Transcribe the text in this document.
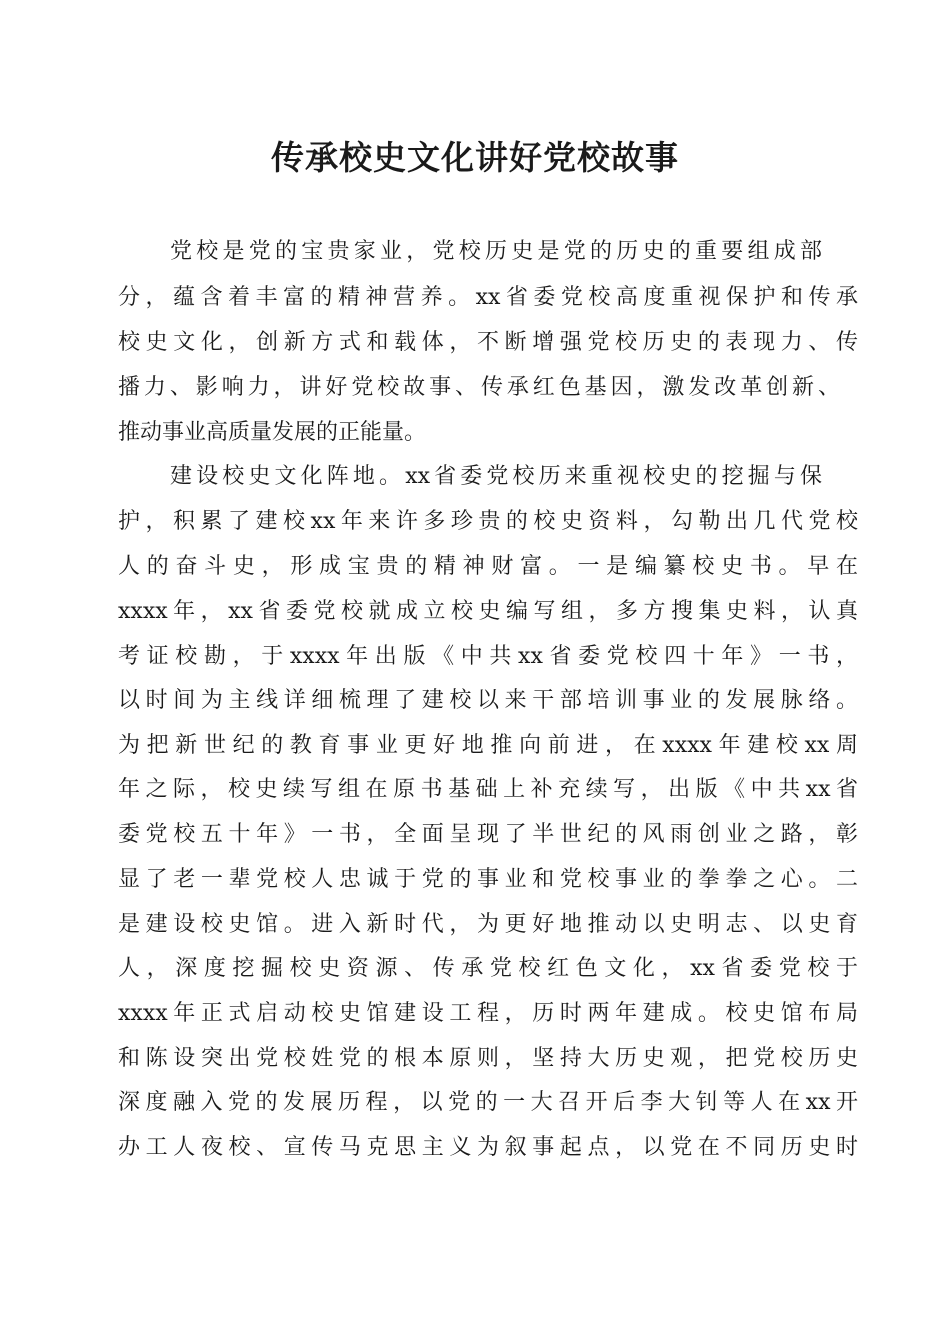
传承校史文化讲好党校故事
党校是党的宝贵家业，党校历史是党的历史的重要组成部
分，蕴含着丰富的精神营养。xx省委党校高度重视保护和传承
校史文化，创新方式和载体，不断增强党校历史的表现力、传
播力、影响力，讲好党校故事、传承红色基因，激发改革创新、
推动事业高质量发展的正能量。
建设校史文化阵地。xx省委党校历来重视校史的挖掘与保
护，积累了建校xx年来许多珍贵的校史资料，勾勒出几代党校
人的奋斗史，形成宝贵的精神财富。一是编纂校史书。早在
xxxx年，xx省委党校就成立校史编写组，多方搜集史料，认真
考证校勘，于xxxx年出版《中共xx省委党校四十年》一书，
以时间为主线详细梳理了建校以来干部培训事业的发展脉络。
为把新世纪的教育事业更好地推向前进，在xxxx年建校xx周
年之际，校史续写组在原书基础上补充续写，出版《中共xx省
委党校五十年》一书，全面呈现了半世纪的风雨创业之路，彰
显了老一辈党校人忠诚于党的事业和党校事业的拳拳之心。二
是建设校史馆。进入新时代，为更好地推动以史明志、以史育
人，深度挖掘校史资源、传承党校红色文化，xx省委党校于
xxxx年正式启动校史馆建设工程，历时两年建成。校史馆布局
和陈设突出党校姓党的根本原则，坚持大历史观，把党校历史
深度融入党的发展历程，以党的一大召开后李大钊等人在xx开
办工人夜校、宣传马克思主义为叙事起点，以党在不同历史时
